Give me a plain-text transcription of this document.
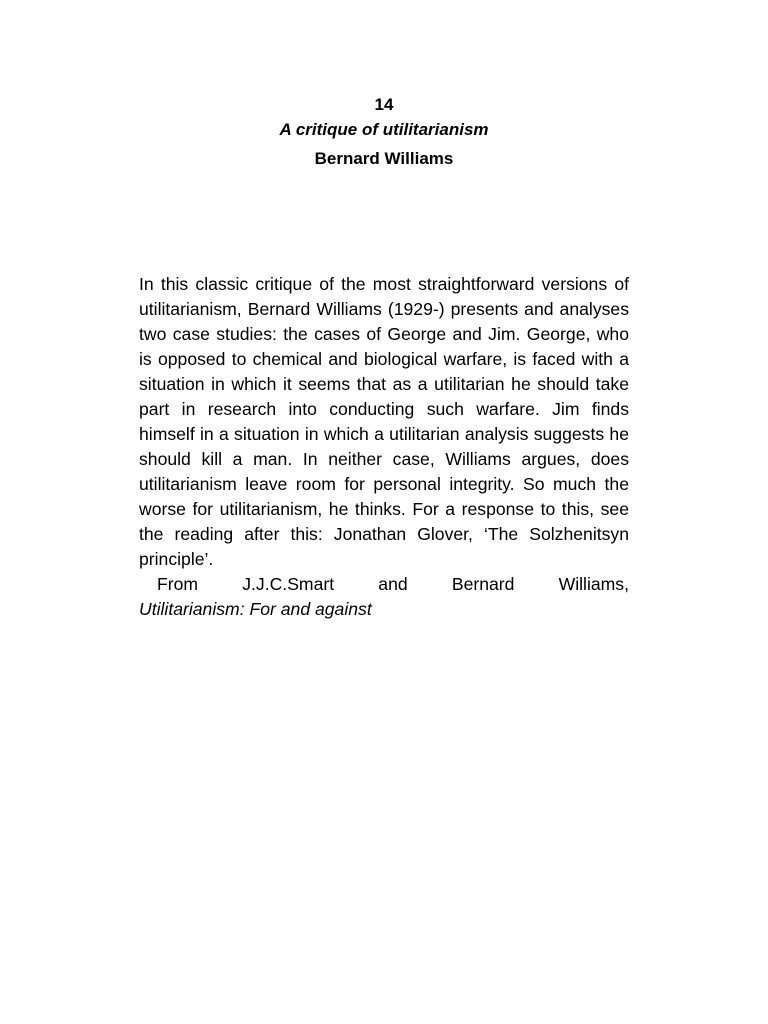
14
A critique of utilitarianism
Bernard Williams

In this classic critique of the most straightforward versions of utilitarianism, Bernard Williams (1929-) presents and analyses two case studies: the cases of George and Jim. George, who is opposed to chemical and biological warfare, is faced with a situation in which it seems that as a utilitarian he should take part in research into conducting such warfare. Jim finds himself in a situation in which a utilitarian analysis suggests he should kill a man. In neither case, Williams argues, does utilitarianism leave room for personal integrity. So much the worse for utilitarianism, he thinks. For a response to this, see the reading after this: Jonathan Glover, ‘The Solzhenitsyn principle’.

From J.J.C.Smart and Bernard Williams,

Utilitarianism: For and against
